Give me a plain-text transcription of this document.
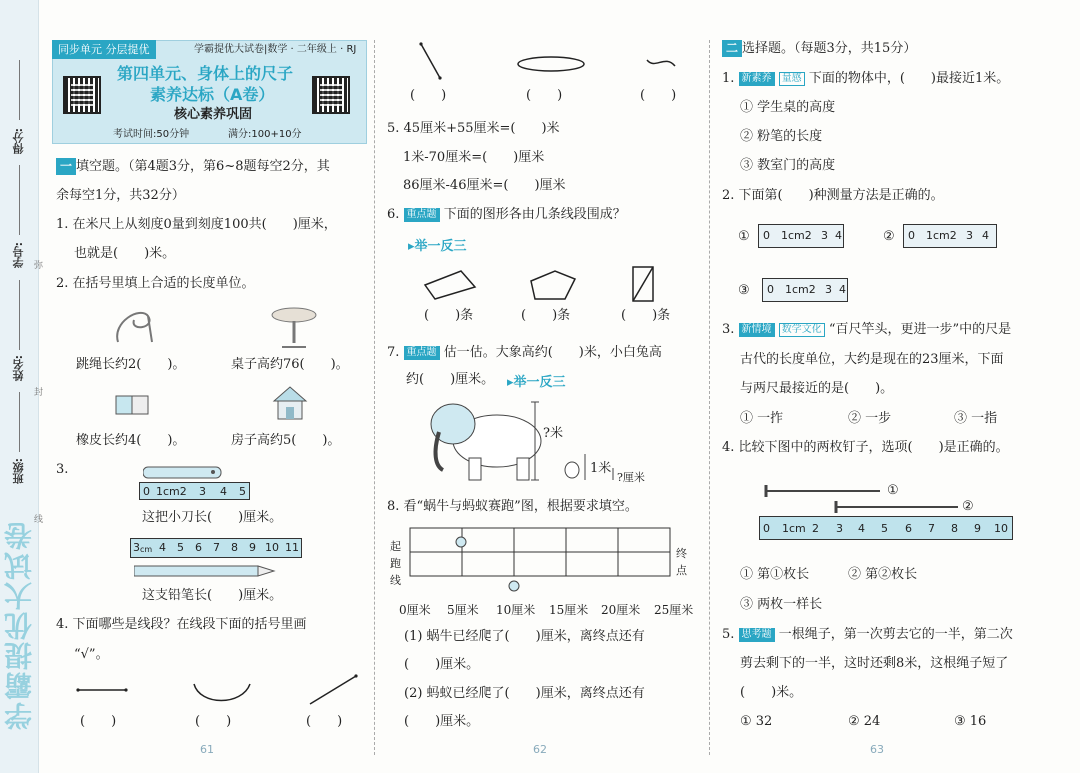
得分:
学号:
姓名:
班级:
弥
封
线
学霸提优大试卷
同步单元 分层提优	学霸提优大试卷|数学 · 二年级上 · RJ
第四单元、身体上的尺子
素养达标（A卷）
核心素养巩固
考试时间:50分钟	满分:100+10分
一 填空题。（第4题3分，第6~8题每空2分，其
余每空1分，共32分）
1. 在米尺上从刻度0量到刻度100共(　　)厘米，
也就是(　　)米。
2. 在括号里填上合适的长度单位。
跳绳长约2(　　)。	桌子高约76(　　)。
橡皮长约4(　　)。	房子高约5(　　)。
3.
0 1cm2 3 4 5
这把小刀长(　　)厘米。
3 cm 4 5 6 7 8 9 10 11
这支铅笔长(　　)厘米。
4. 下面哪些是线段？在线段下面的括号里画
“√”。
(　　)	(　　)	(　　)
(　　)	(　　)	(　　)
5. 45厘米+55厘米=(　　)米
1米-70厘米=(　　)厘米
86厘米-46厘米=(　　)厘米
6. 重点题 下面的图形各由几条线段围成？
▸举一反三
(　　)条	(　　)条	(　　)条
7. 重点题 估一估。大象高约(　　)米，小白兔高
约(　　)厘米。 ▸举一反三
?米
1米
?厘米
8. 看“蜗牛与蚂蚁赛跑”图，根据要求填空。
起跑线
终点
0厘米 5厘米 10厘米 15厘米 20厘米 25厘米
(1) 蜗牛已经爬了(　　)厘米，离终点还有
(　　)厘米。
(2) 蚂蚁已经爬了(　　)厘米，离终点还有
(　　)厘米。
二 选择题。（每题3分，共15分）
1. 新素养 量感 下面的物体中，(　　)最接近1米。
① 学生桌的高度
② 粉笔的长度
③ 教室门的高度
2. 下面第(　　)种测量方法是正确的。
① 0 1cm2 3 4	② 0 1cm2 3 4
③ 0 1cm2 3 4
3. 新情境 数学文化 “百尺竿头，更进一步”中的尺是
古代的长度单位，大约是现在的23厘米，下面
与两尺最接近的是(　　)。
① 一拃	② 一步	③ 一指
4. 比较下图中的两枚钉子，选项(　　)是正确的。
①
②
0 1cm 2 3 4 5 6 7 8 9 10
① 第①枚长	② 第②枚长
③ 两枚一样长
5. 思考题 一根绳子，第一次剪去它的一半，第二次
剪去剩下的一半，这时还剩8米，这根绳子短了
(　　)米。
① 32	② 24	③ 16
61	62	63
